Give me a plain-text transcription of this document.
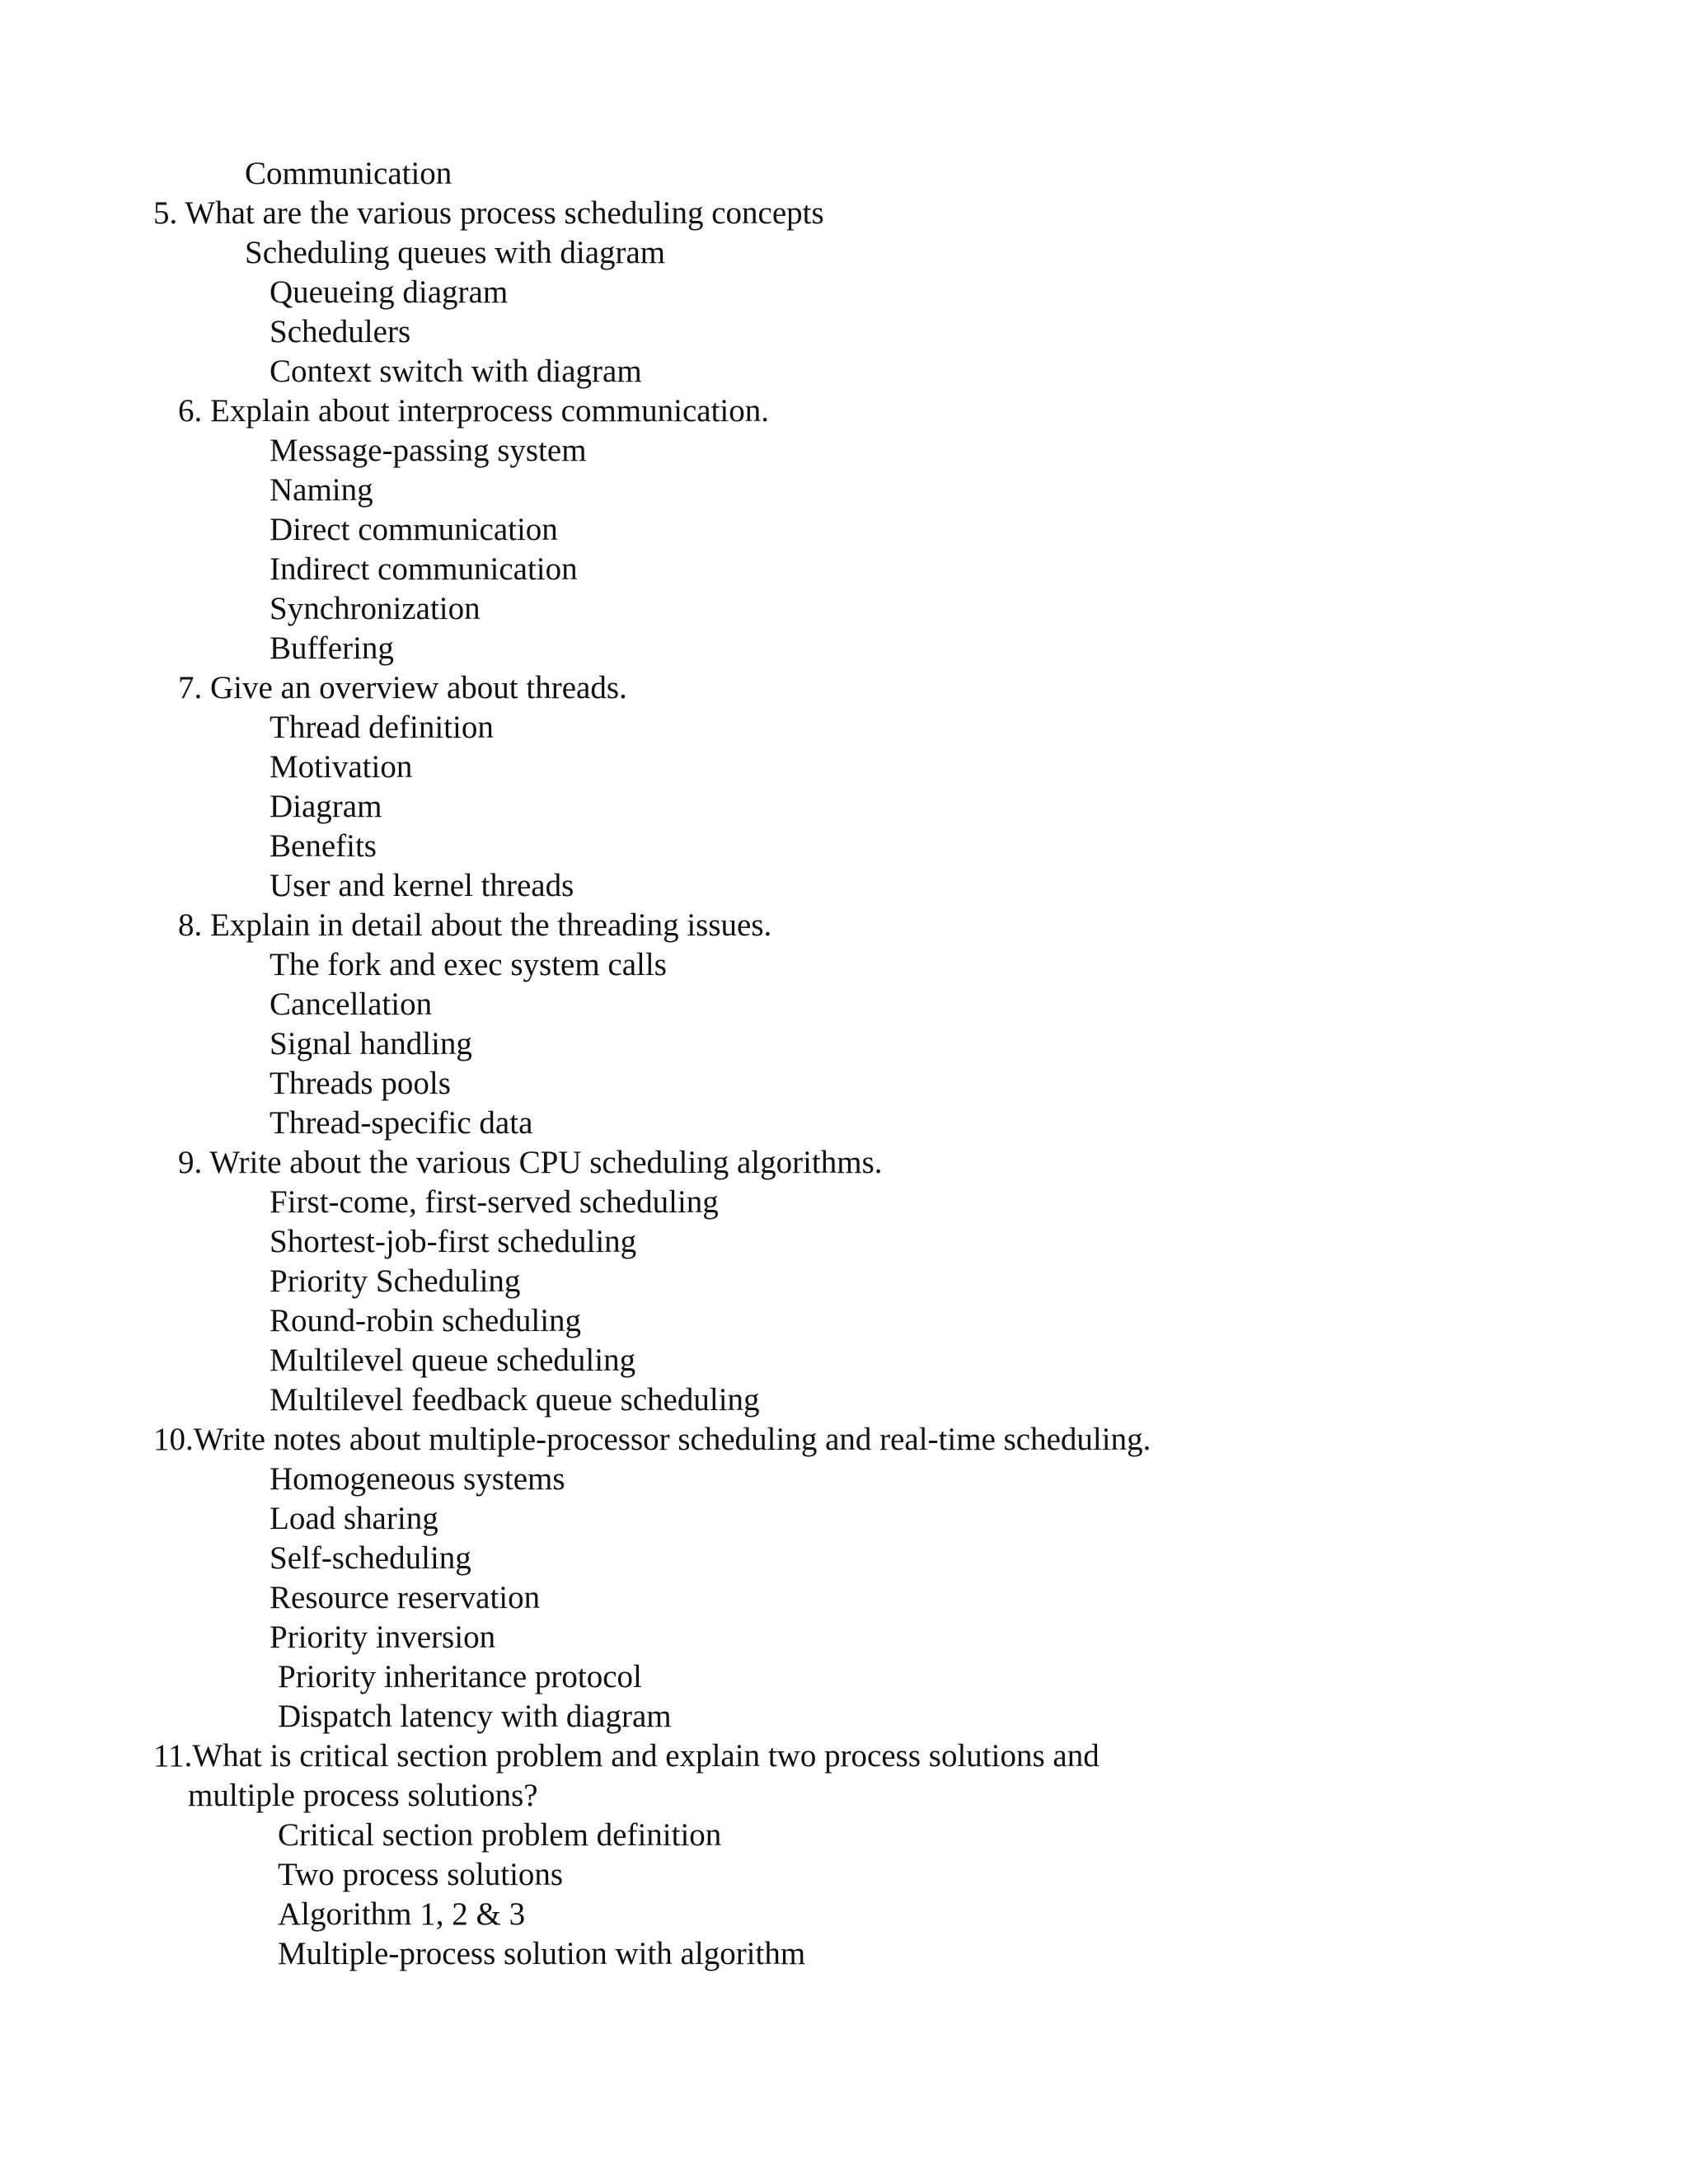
Communication

5. What are the various process scheduling concepts

Scheduling queues with diagram

Queueing diagram

Schedulers

Context switch with diagram

6. Explain about interprocess communication.

Message-passing system

Naming

Direct communication

Indirect communication

Synchronization

Buffering

7. Give an overview about threads.

Thread definition

Motivation

Diagram

Benefits

User and kernel threads

8. Explain in detail about the threading issues.

The fork and exec system calls

Cancellation

Signal handling

Threads pools

Thread-specific data

9. Write about the various CPU scheduling algorithms.

First-come, first-served scheduling

Shortest-job-first scheduling

Priority Scheduling

Round-robin scheduling

Multilevel queue scheduling

Multilevel feedback queue scheduling

10.Write notes about multiple-processor scheduling and real-time scheduling.

Homogeneous systems

Load sharing

Self-scheduling

Resource reservation

Priority inversion

Priority inheritance protocol

Dispatch latency with diagram

11.What is critical section problem and explain two process solutions and

multiple process solutions?

Critical section problem definition

Two process solutions

Algorithm 1, 2 & 3

Multiple-process solution with algorithm
